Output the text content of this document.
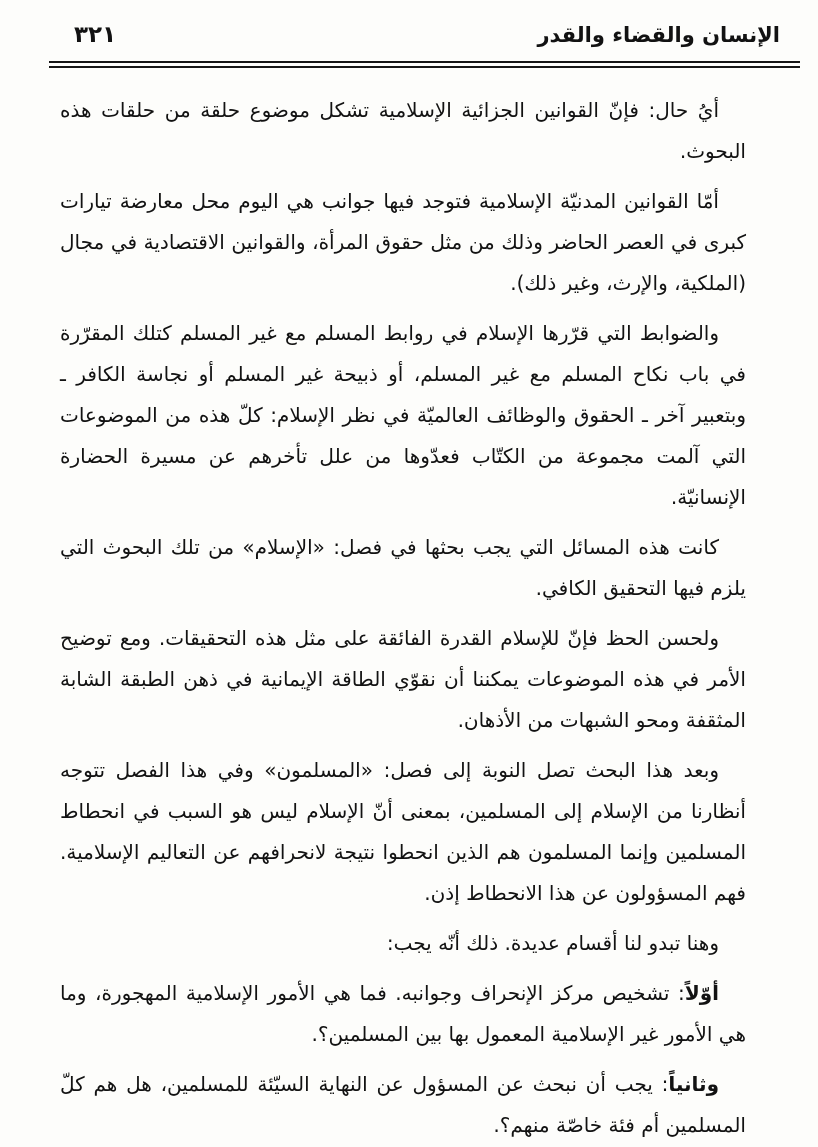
الإنسان والقضاء والقدر
٣٢١

أيُ حال: فإنّ القوانين الجزائية الإسلامية تشكل موضوع حلقة من حلقات هذه البحوث.

أمّا القوانين المدنيّة الإسلامية فتوجد فيها جوانب هي اليوم محل معارضة تيارات كبرى في العصر الحاضر وذلك من مثل حقوق المرأة، والقوانين الاقتصادية في مجال (الملكية، والإرث، وغير ذلك).

والضوابط التي قرّرها الإسلام في روابط المسلم مع غير المسلم كتلك المقرّرة في باب نكاح المسلم مع غير المسلم، أو ذبيحة غير المسلم أو نجاسة الكافر ـ وبتعبير آخر ـ الحقوق والوظائف العالميّة في نظر الإسلام: كلّ هذه من الموضوعات التي آلمت مجموعة من الكتّاب فعدّوها من علل تأخرهم عن مسيرة الحضارة الإنسانيّة.

كانت هذه المسائل التي يجب بحثها في فصل: «الإسلام» من تلك البحوث التي يلزم فيها التحقيق الكافي.

ولحسن الحظ فإنّ للإسلام القدرة الفائقة على مثل هذه التحقيقات. ومع توضيح الأمر في هذه الموضوعات يمكننا أن نقوّي الطاقة الإيمانية في ذهن الطبقة الشابة المثقفة ومحو الشبهات من الأذهان.

وبعد هذا البحث تصل النوبة إلى فصل: «المسلمون» وفي هذا الفصل تتوجه أنظارنا من الإسلام إلى المسلمين، بمعنى أنّ الإسلام ليس هو السبب في انحطاط المسلمين وإنما المسلمون هم الذين انحطوا نتيجة لانحرافهم عن التعاليم الإسلامية. فهم المسؤولون عن هذا الانحطاط إذن.

وهنا تبدو لنا أقسام عديدة. ذلك أنّه يجب:

أوّلاً: تشخيص مركز الإنحراف وجوانبه. فما هي الأمور الإسلامية المهجورة، وما هي الأمور غير الإسلامية المعمول بها بين المسلمين؟.

وثانياً: يجب أن نبحث عن المسؤول عن النهاية السيّئة للمسلمين، هل هم كلّ المسلمين أم فئة خاصّة منهم؟.
